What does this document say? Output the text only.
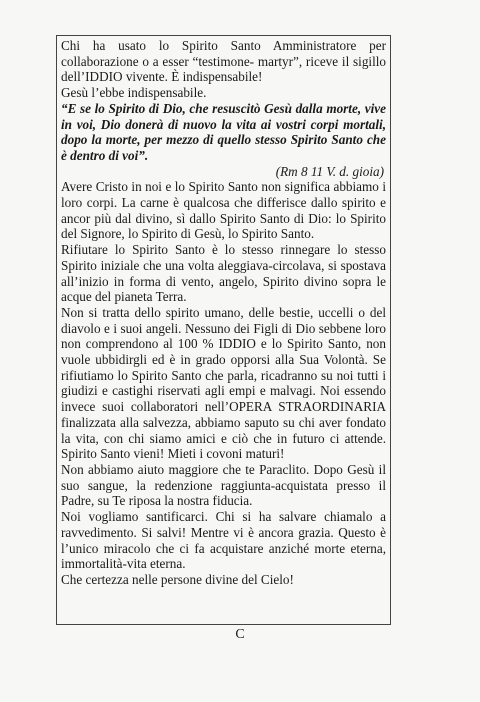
Chi ha usato lo Spirito Santo Amministratore per collaborazione o a esser “testimone- martyr”, riceve il sigillo dell’IDDIO vivente. È indispensabile!

Gesù l’ebbe indispensabile.

“E se lo Spirito di Dio, che resuscitò Gesù dalla morte, vive in voi, Dio donerà di nuovo la vita ai vostri corpi mortali, dopo la morte, per mezzo di quello stesso Spirito Santo che è dentro di voi”.

(Rm 8 11 V. d. gioia)

Avere Cristo in noi e lo Spirito Santo non significa abbiamo i loro corpi. La carne è qualcosa che differisce dallo spirito e ancor più dal divino, sì dallo Spirito Santo di Dio: lo Spirito del Signore, lo Spirito di Gesù, lo Spirito Santo.

Rifiutare lo Spirito Santo è lo stesso rinnegare lo stesso Spirito iniziale che una volta aleggiava-circolava, si spostava all’inizio in forma di vento, angelo, Spirito divino sopra le acque del pianeta Terra.

Non si tratta dello spirito umano, delle bestie, uccelli o del diavolo e i suoi angeli. Nessuno dei Figli di Dio sebbene loro non comprendono al 100 % IDDIO e lo Spirito Santo, non vuole ubbidirgli ed è in grado opporsi alla Sua Volontà. Se rifiutiamo lo Spirito Santo che parla, ricadranno su noi tutti i giudizi e castighi riservati agli empi e malvagi. Noi essendo invece suoi collaboratori nell’OPERA STRAORDINARIA finalizzata alla salvezza, abbiamo saputo su chi aver fondato la vita, con chi siamo amici e ciò che in futuro ci attende. Spirito Santo vieni! Mieti i covoni maturi!

Non abbiamo aiuto maggiore che te Paraclito. Dopo Gesù il suo sangue, la redenzione raggiunta-acquistata presso il Padre, su Te riposa la nostra fiducia.

Noi vogliamo santificarci. Chi si ha salvare chiamalo a ravvedimento. Si salvi! Mentre vi è ancora grazia. Questo è l’unico miracolo che ci fa acquistare anziché morte eterna, immortalità-vita eterna.

Che certezza nelle persone divine del Cielo!

C
